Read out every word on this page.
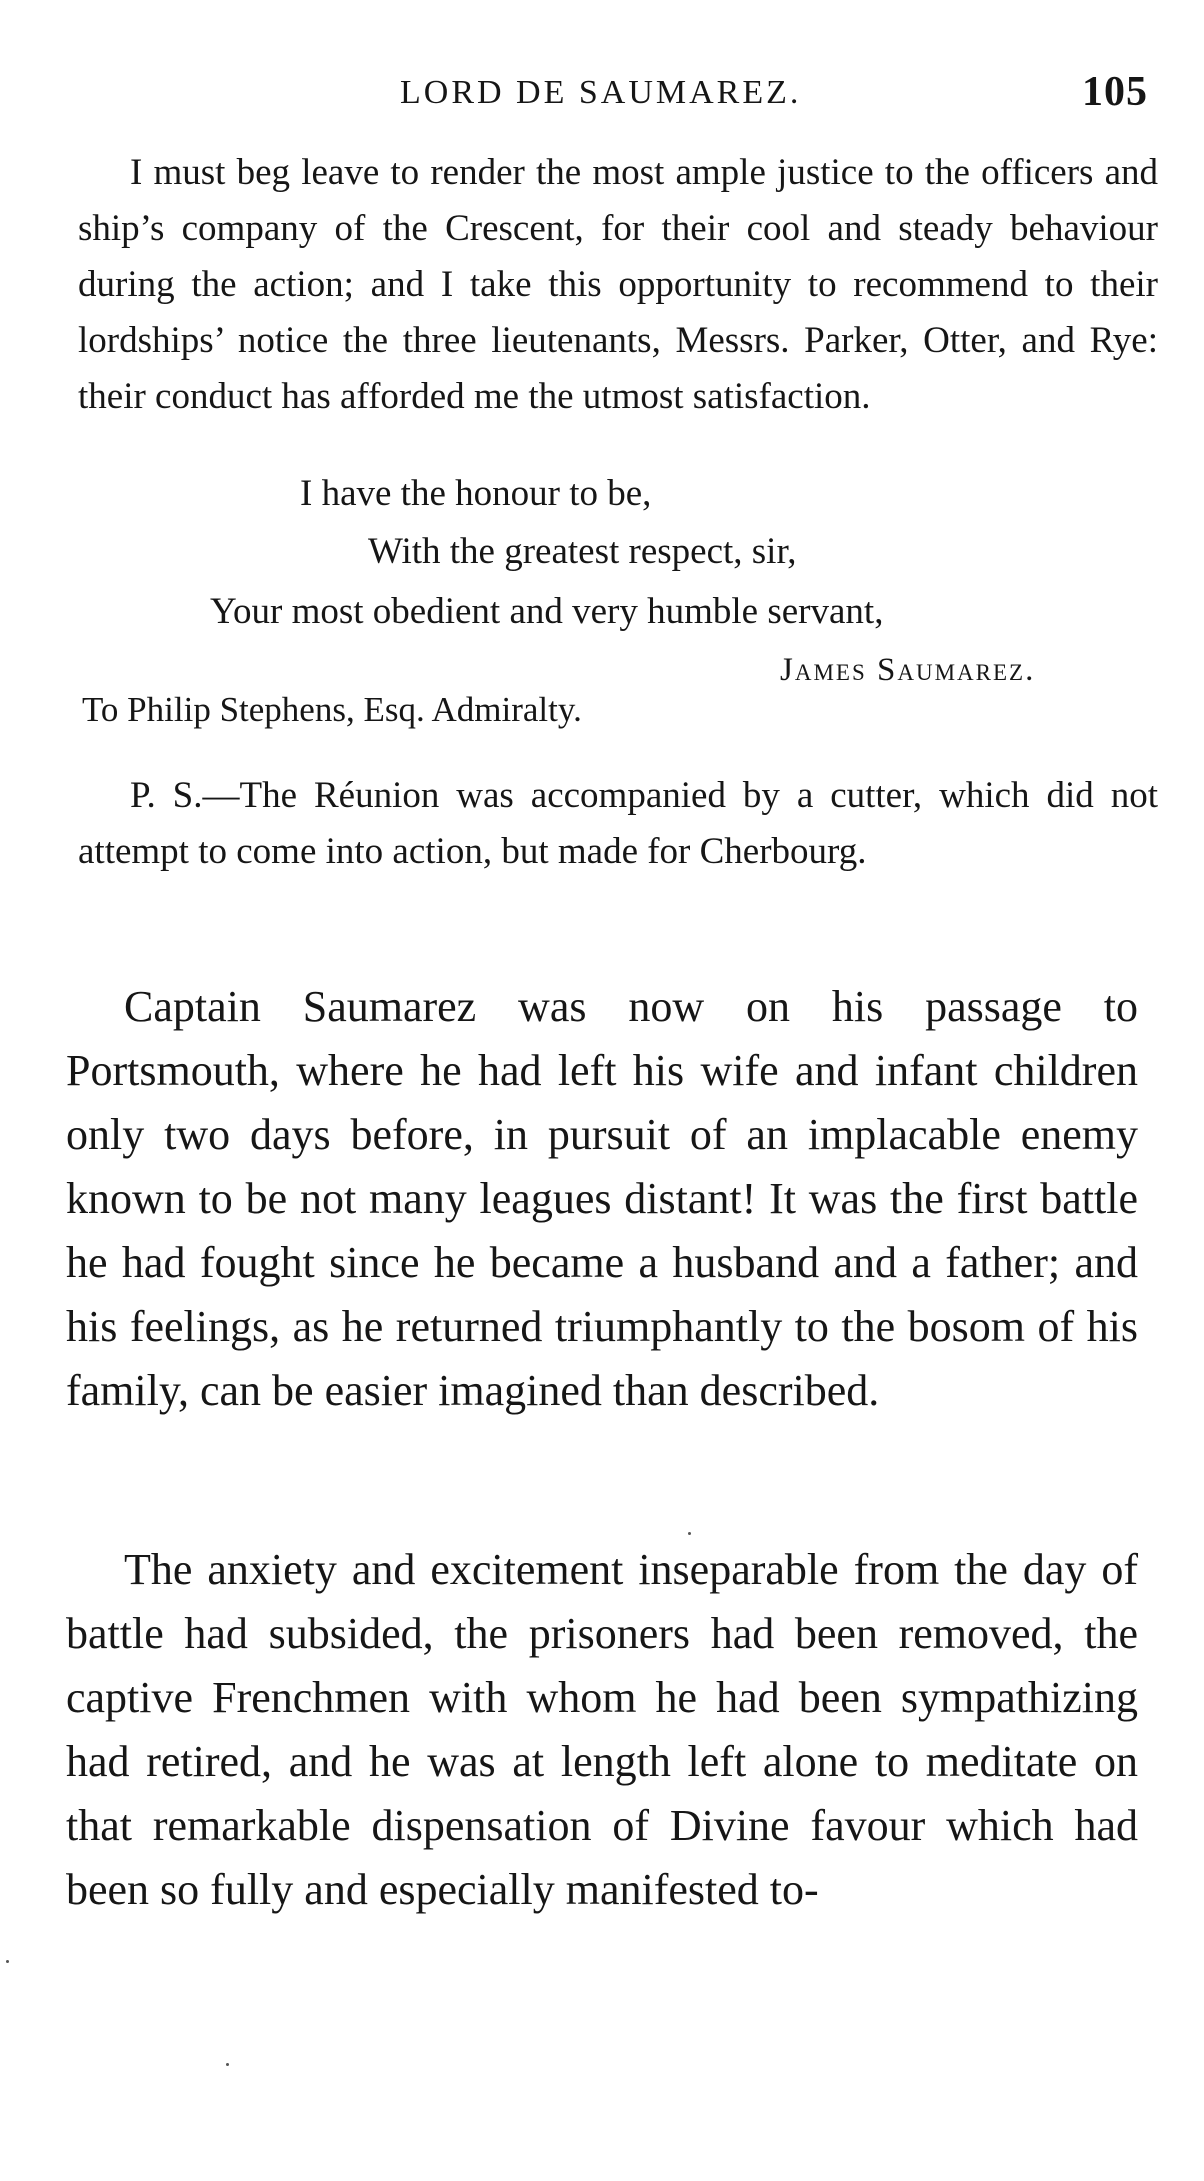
LORD DE SAUMAREZ.	105

I must beg leave to render the most ample justice to the officers and ship’s company of the Crescent, for their cool and steady behaviour during the action; and I take this opportunity to recommend to their lordships’ notice the three lieutenants, Messrs. Parker, Otter, and Rye: their conduct has afforded me the utmost satisfaction.

I have the honour to be,
With the greatest respect, sir,
Your most obedient and very humble servant,
James Saumarez.
To Philip Stephens, Esq. Admiralty.

P. S.—The Réunion was accompanied by a cutter, which did not attempt to come into action, but made for Cherbourg.

Captain Saumarez was now on his passage to Portsmouth, where he had left his wife and infant children only two days before, in pursuit of an implacable enemy known to be not many leagues distant! It was the first battle he had fought since he became a husband and a father; and his feelings, as he returned triumphantly to the bosom of his family, can be easier imagined than described.

The anxiety and excitement inseparable from the day of battle had subsided, the prisoners had been removed, the captive Frenchmen with whom he had been sympathizing had retired, and he was at length left alone to meditate on that remarkable dispensation of Divine favour which had been so fully and especially manifested to-
